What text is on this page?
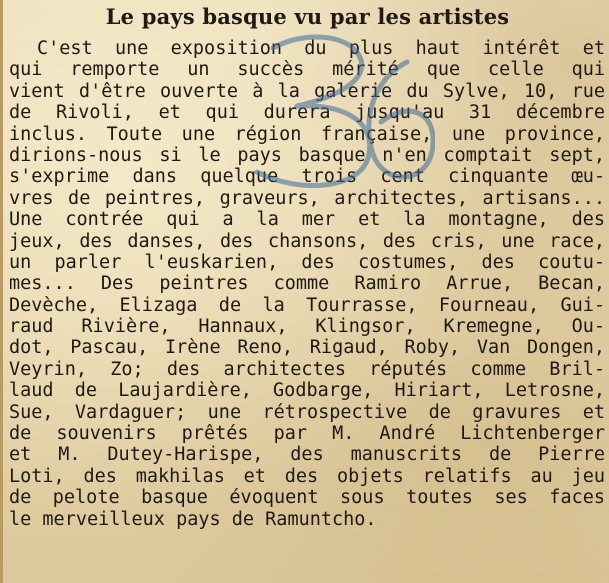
Le pays basque vu par les artistes
C'est une exposition du plus haut intérêt et
qui remporte un succès mérité que celle qui
vient d'être ouverte à la galerie du Sylve, 10, rue
de Rivoli, et qui durera jusqu'au 31 décembre
inclus. Toute une région française, une province,
dirions-nous si le pays basque n'en comptait sept,
s'exprime dans quelque trois cent cinquante œu-
vres de peintres, graveurs, architectes, artisans...
Une contrée qui a la mer et la montagne, des
jeux, des danses, des chansons, des cris, une race,
un parler l'euskarien, des costumes, des coutu-
mes... Des peintres comme Ramiro Arrue, Becan,
Devèche, Elizaga de la Tourrasse, Fourneau, Gui-
raud Rivière, Hannaux, Klingsor, Kremegne, Ou-
dot, Pascau, Irène Reno, Rigaud, Roby, Van Dongen,
Veyrin, Zo; des architectes réputés comme Bril-
laud de Laujardière, Godbarge, Hiriart, Letrosne,
Sue, Vardaguer; une rétrospective de gravures et
de souvenirs prêtés par M. André Lichtenberger
et M. Dutey-Harispe, des manuscrits de Pierre
Loti, des makhilas et des objets relatifs au jeu
de pelote basque évoquent sous toutes ses faces
le merveilleux pays de Ramuntcho.
